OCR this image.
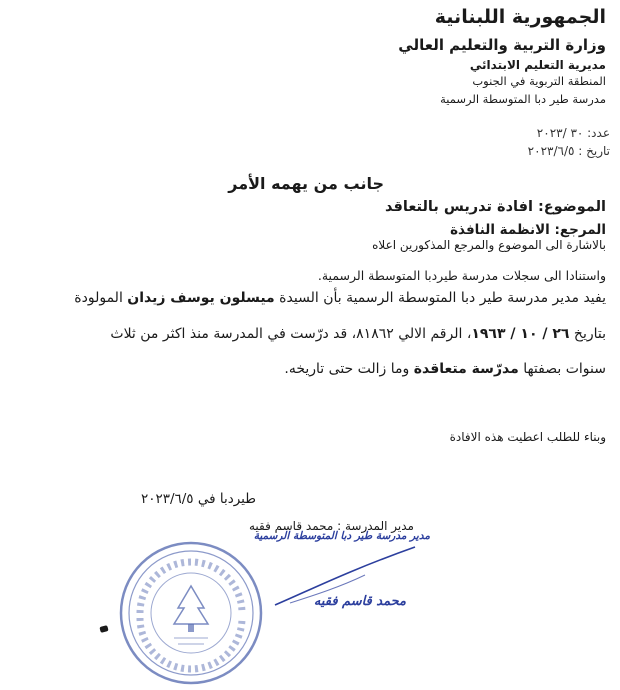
الجمهورية اللبنانية
وزارة التربية والتعليم العالي
مديرية التعليم الابتدائي
المنطقة التربوية في الجنوب
مدرسة طير دبا المتوسطة الرسمية
عدد: ٣٠ /٢٠٢٣
تاريخ : ٢٠٢٣/٦/٥
جانب من يهمه الأمر
الموضوع: افادة تدريس بالتعاقد
المرجع: الانظمة النافذة
بالاشارة الى الموضوع والمرجع المذكورين اعلاه
واستنادا الى سجلات مدرسة طيردبا المتوسطة الرسمية.
يفيد مدير مدرسة طير دبا المتوسطة الرسمية بأن السيدة ميسلون يوسف زيدان المولودة
بتاريخ ٢٦ / ١٠ / ١٩٦٣، الرقم الالي ٨١٨٦٢، قد درّست في المدرسة منذ اكثر من ثلاث
سنوات بصفتها مدرّسة متعاقدة وما زالت حتى تاريخه.
وبناء للطلب اعطيت هذه الافادة
طيردبا في ٢٠٢٣/٦/٥
مدير المدرسة : محمد قاسم فقيه
مدير مدرسة طير دبا المتوسطة الرسمية
محمد قاسم فقيه
